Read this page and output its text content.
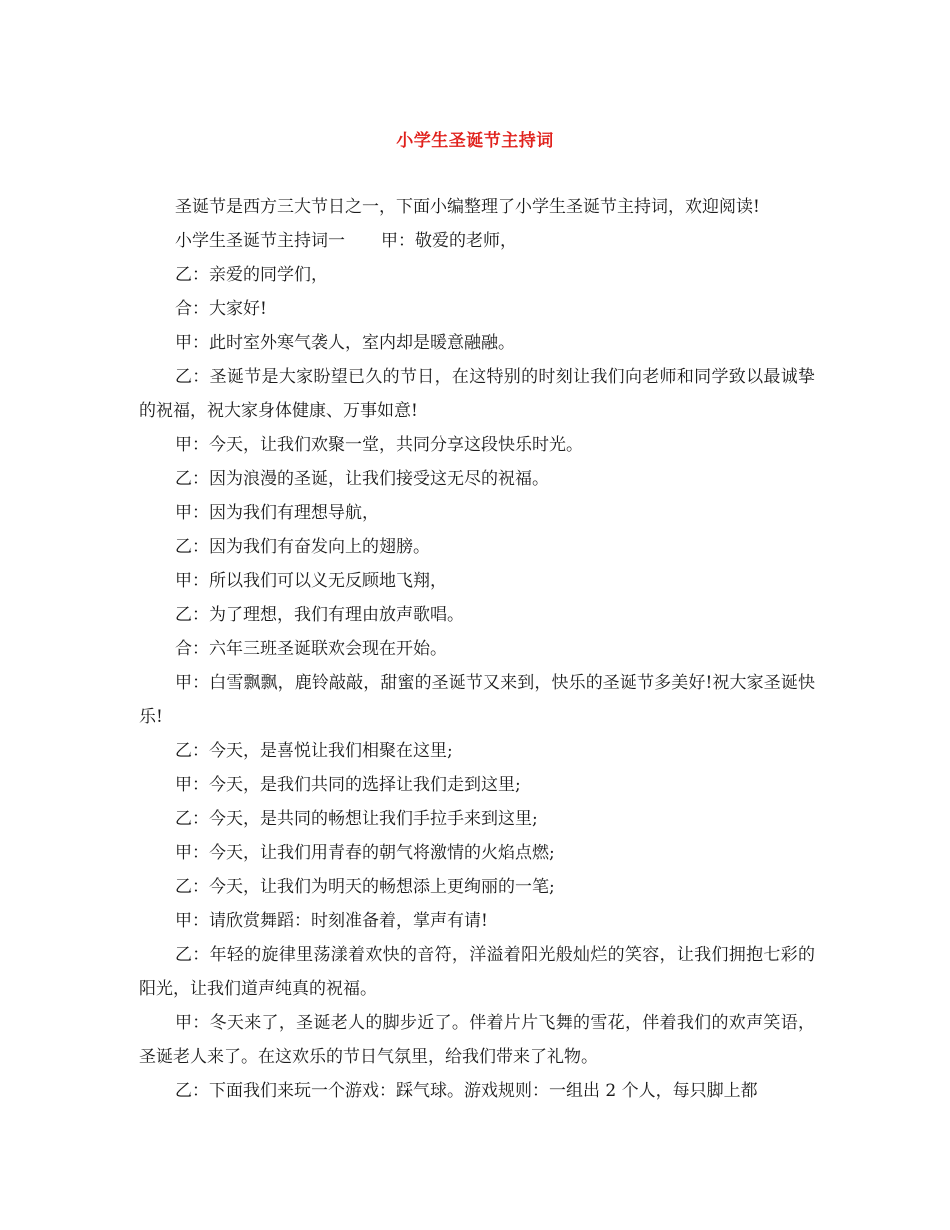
小学生圣诞节主持词

圣诞节是西方三大节日之一，下面小编整理了小学生圣诞节主持词，欢迎阅读!

小学生圣诞节主持词一 甲：敬爱的老师，

乙：亲爱的同学们，

合：大家好!

甲：此时室外寒气袭人，室内却是暖意融融。

乙：圣诞节是大家盼望已久的节日，在这特别的时刻让我们向老师和同学致以最诚挚的祝福，祝大家身体健康、万事如意!

甲：今天，让我们欢聚一堂，共同分享这段快乐时光。

乙：因为浪漫的圣诞，让我们接受这无尽的祝福。

甲：因为我们有理想导航，

乙：因为我们有奋发向上的翅膀。

甲：所以我们可以义无反顾地飞翔，

乙：为了理想，我们有理由放声歌唱。

合：六年三班圣诞联欢会现在开始。

甲：白雪飘飘，鹿铃敲敲，甜蜜的圣诞节又来到，快乐的圣诞节多美好!祝大家圣诞快乐!

乙：今天，是喜悦让我们相聚在这里;

甲：今天，是我们共同的选择让我们走到这里;

乙：今天，是共同的畅想让我们手拉手来到这里;

甲：今天，让我们用青春的朝气将激情的火焰点燃;

乙：今天，让我们为明天的畅想添上更绚丽的一笔;

甲：请欣赏舞蹈：时刻准备着，掌声有请!

乙：年轻的旋律里荡漾着欢快的音符，洋溢着阳光般灿烂的笑容，让我们拥抱七彩的阳光，让我们道声纯真的祝福。

甲：冬天来了，圣诞老人的脚步近了。伴着片片飞舞的雪花，伴着我们的欢声笑语，圣诞老人来了。在这欢乐的节日气氛里，给我们带来了礼物。

乙：下面我们来玩一个游戏：踩气球。游戏规则：一组出 2 个人，每只脚上都
